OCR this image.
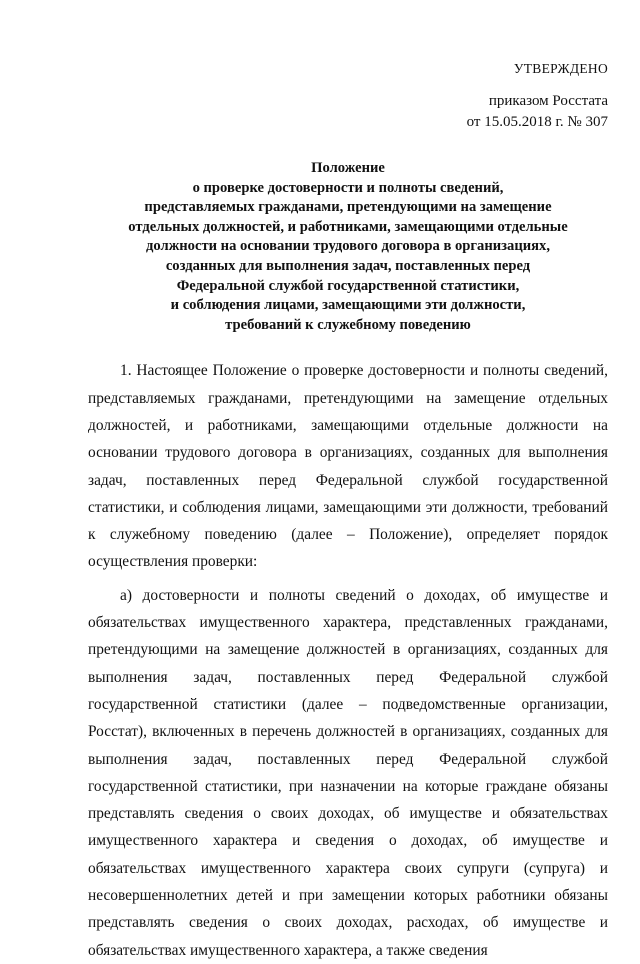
УТВЕРЖДЕНО
приказом Росстата
от 15.05.2018 г. № 307
Положение
о проверке достоверности и полноты сведений,
представляемых гражданами, претендующими на замещение
отдельных должностей, и работниками, замещающими отдельные
должности на основании трудового договора в организациях,
созданных для выполнения задач, поставленных перед
Федеральной службой государственной статистики,
и соблюдения лицами, замещающими эти должности,
требований к служебному поведению

1. Настоящее Положение о проверке достоверности и полноты сведений, представляемых гражданами, претендующими на замещение отдельных должностей, и работниками, замещающими отдельные должности на основании трудового договора в организациях, созданных для выполнения задач, поставленных перед Федеральной службой государственной статистики, и соблюдения лицами, замещающими эти должности, требований к служебному поведению (далее – Положение), определяет порядок осуществления проверки:

а) достоверности и полноты сведений о доходах, об имуществе и обязательствах имущественного характера, представленных гражданами, претендующими на замещение должностей в организациях, созданных для выполнения задач, поставленных перед Федеральной службой государственной статистики (далее – подведомственные организации, Росстат), включенных в перечень должностей в организациях, созданных для выполнения задач, поставленных перед Федеральной службой государственной статистики, при назначении на которые граждане обязаны представлять сведения о своих доходах, об имуществе и обязательствах имущественного характера и сведения о доходах, об имуществе и обязательствах имущественного характера своих супруги (супруга) и несовершеннолетних детей и при замещении которых работники обязаны представлять сведения о своих доходах, расходах, об имуществе и обязательствах имущественного характера, а также сведения
